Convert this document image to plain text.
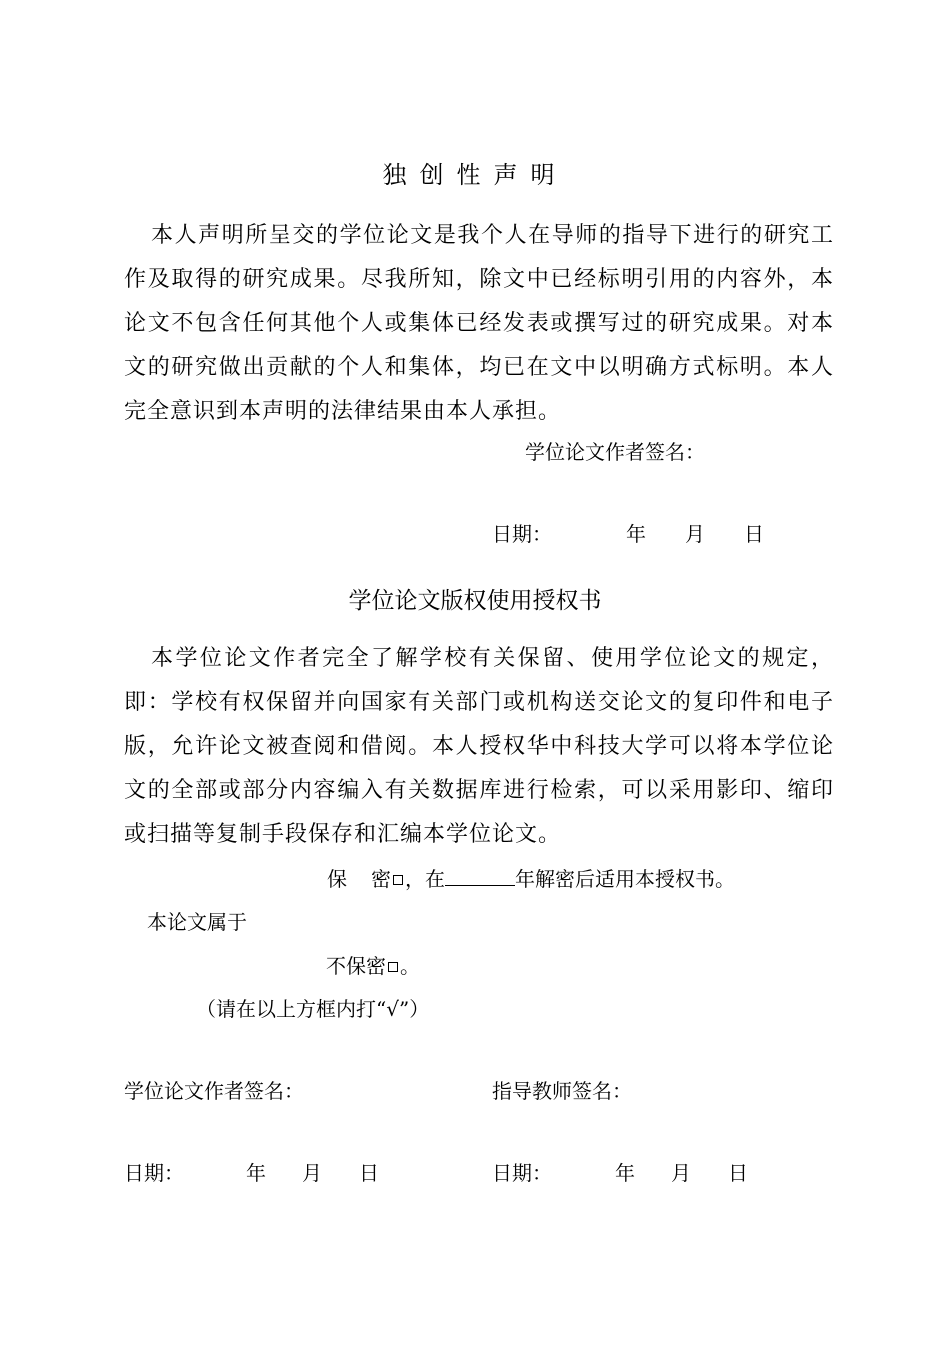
独创性声明
本人声明所呈交的学位论文是我个人在导师的指导下进行的研究工作及取得的研究成果。尽我所知，除文中已经标明引用的内容外，本论文不包含任何其他个人或集体已经发表或撰写过的研究成果。对本文的研究做出贡献的个人和集体，均已在文中以明确方式标明。本人完全意识到本声明的法律结果由本人承担。
学位论文作者签名：
日期：	年 月 日
学位论文版权使用授权书
本学位论文作者完全了解学校有关保留、使用学位论文的规定，即：学校有权保留并向国家有关部门或机构送交论文的复印件和电子版，允许论文被查阅和借阅。本人授权华中科技大学可以将本学位论文的全部或部分内容编入有关数据库进行检索，可以采用影印、缩印或扫描等复制手段保存和汇编本学位论文。
保 密 ，在	年解密后适用本授权书。
本论文属于
不保密 。
（请在以上方框内打“√”）
学位论文作者签名：	指导教师签名：
日期：	年 月 日	日期：	年 月 日
